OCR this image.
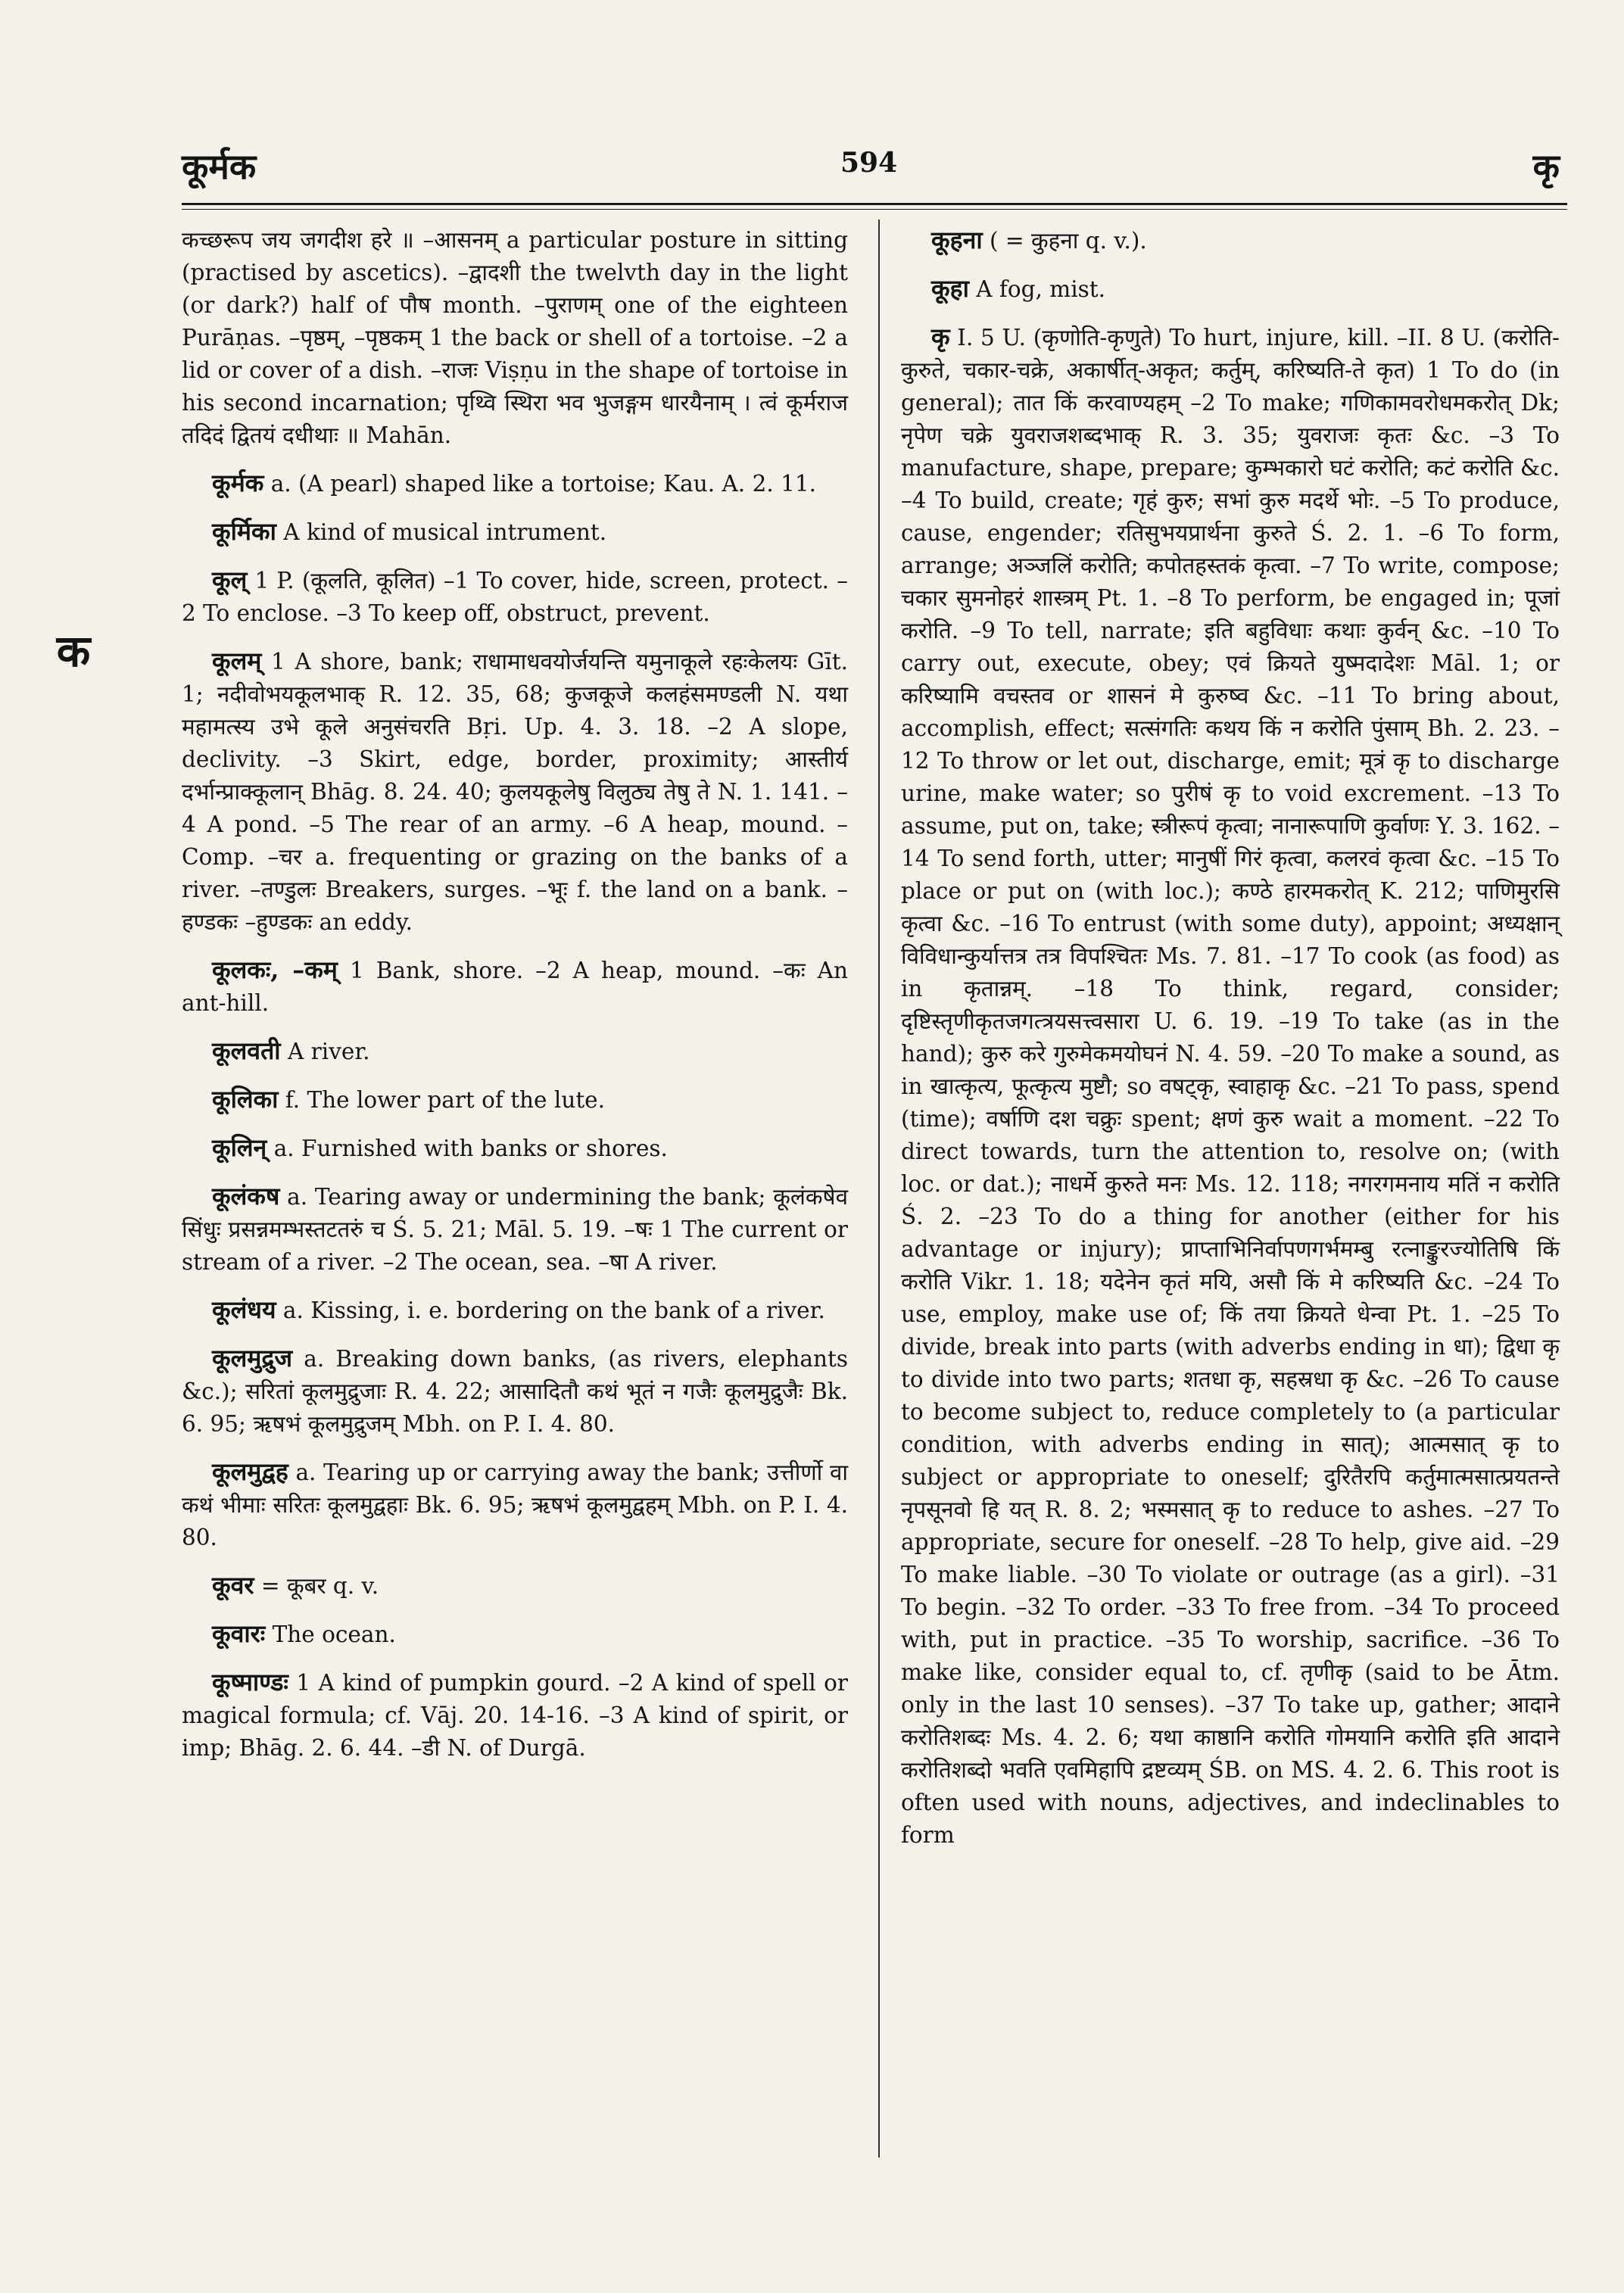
कूर्मक	594	कृ
क

कच्छरूप जय जगदीश हरे ॥ –आसनम् a particular posture in sitting (practised by ascetics). –द्वादशी the twelvth day in the light (or dark?) half of पौष month. –पुराणम् one of the eighteen Purāṇas. –पृष्ठम्, –पृष्ठकम् 1 the back or shell of a tortoise. –2 a lid or cover of a dish. –राजः Viṣṇu in the shape of tortoise in his second incarnation; पृथ्वि स्थिरा भव भुजङ्गम धारयैनाम् । त्वं कूर्मराज तदिदं द्वितयं दधीथाः ॥ Mahān.

कूर्मक a. (A pearl) shaped like a tortoise; Kau. A. 2. 11.

कूर्मिका A kind of musical intrument.

कूल् 1 P. (कूलति, कूलित) –1 To cover, hide, screen, protect. –2 To enclose. –3 To keep off, obstruct, prevent.

कूलम् 1 A shore, bank; राधामाधवयोर्जयन्ति यमुनाकूले रहःकेलयः Gīt. 1; नदीवोभयकूलभाक् R. 12. 35, 68; कुजकूजे कलहंसमण्डली N. यथा महामत्स्य उभे कूले अनुसंचरति Bṛi. Up. 4. 3. 18. –2 A slope, declivity. –3 Skirt, edge, border, proximity; आस्तीर्य दर्भान्प्राक्कूलान् Bhāg. 8. 24. 40; कुलयकूलेषु विलुठ्य तेषु ते N. 1. 141. –4 A pond. –5 The rear of an army. –6 A heap, mound. –Comp. –चर a. frequenting or grazing on the banks of a river. –तण्डुलः Breakers, surges. –भूः f. the land on a bank. –हण्डकः –हुण्डकः an eddy.

कूलकः, –कम् 1 Bank, shore. –2 A heap, mound. –कः An ant-hill.

कूलवती A river.

कूलिका f. The lower part of the lute.

कूलिन् a. Furnished with banks or shores.

कूलंकष a. Tearing away or undermining the bank; कूलंकषेव सिंधुः प्रसन्नमम्भस्तटतरुं च Ś. 5. 21; Māl. 5. 19. –षः 1 The current or stream of a river. –2 The ocean, sea. –षा A river.

कूलंधय a. Kissing, i. e. bordering on the bank of a river.

कूलमुद्रुज a. Breaking down banks, (as rivers, elephants &c.); सरितां कूलमुद्रुजाः R. 4. 22; आसादितौ कथं भूतं न गजैः कूलमुद्रुजैः Bk. 6. 95; ऋषभं कूलमुद्रुजम् Mbh. on P. I. 4. 80.

कूलमुद्वह a. Tearing up or carrying away the bank; उत्तीर्णो वा कथं भीमाः सरितः कूलमुद्वहाः Bk. 6. 95; ऋषभं कूलमुद्वहम् Mbh. on P. I. 4. 80.

कूवर = कूबर q. v.

कूवारः The ocean.

कूष्माण्डः 1 A kind of pumpkin gourd. –2 A kind of spell or magical formula; cf. Vāj. 20. 14-16. –3 A kind of spirit, or imp; Bhāg. 2. 6. 44. –डी N. of Durgā.

कूहना ( = कुहना q. v.).

कूहा A fog, mist.

कृ I. 5 U. (कृणोति-कृणुते) To hurt, injure, kill. –II. 8 U. (करोति-कुरुते, चकार-चक्रे, अकार्षीत्-अकृत; कर्तुम्, करिष्यति-ते कृत) 1 To do (in general); तात किं करवाण्यहम् –2 To make; गणिकामवरोधमकरोत् Dk; नृपेण चक्रे युवराजशब्दभाक् R. 3. 35; युवराजः कृतः &c. –3 To manufacture, shape, prepare; कुम्भकारो घटं करोति; कटं करोति &c. –4 To build, create; गृहं कुरु; सभां कुरु मदर्थे भोः. –5 To produce, cause, engender; रतिसुभयप्रार्थना कुरुते Ś. 2. 1. –6 To form, arrange; अञ्जलिं करोति; कपोतहस्तकं कृत्वा. –7 To write, compose; चकार सुमनोहरं शास्त्रम् Pt. 1. –8 To perform, be engaged in; पूजां करोति. –9 To tell, narrate; इति बहुविधाः कथाः कुर्वन् &c. –10 To carry out, execute, obey; एवं क्रियते युष्मदादेशः Māl. 1; or करिष्यामि वचस्तव or शासनं मे कुरुष्व &c. –11 To bring about, accomplish, effect; सत्संगतिः कथय किं न करोति पुंसाम् Bh. 2. 23. –12 To throw or let out, discharge, emit; मूत्रं कृ to discharge urine, make water; so पुरीषं कृ to void excrement. –13 To assume, put on, take; स्त्रीरूपं कृत्वा; नानारूपाणि कुर्वाणः Y. 3. 162. –14 To send forth, utter; मानुषीं गिरं कृत्वा, कलरवं कृत्वा &c. –15 To place or put on (with loc.); कण्ठे हारमकरोत् K. 212; पाणिमुरसि कृत्वा &c. –16 To entrust (with some duty), appoint; अध्यक्षान् विविधान्कुर्यात्तत्र तत्र विपश्चितः Ms. 7. 81. –17 To cook (as food) as in कृतान्नम्. –18 To think, regard, consider; दृष्टिस्तृणीकृतजगत्त्रयसत्त्वसारा U. 6. 19. –19 To take (as in the hand); कुरु करे गुरुमेकमयोघनं N. 4. 59. –20 To make a sound, as in खात्कृत्य, फूत्कृत्य मुष्टौ; so वषट्कृ, स्वाहाकृ &c. –21 To pass, spend (time); वर्षाणि दश चक्रुः spent; क्षणं कुरु wait a moment. –22 To direct towards, turn the attention to, resolve on; (with loc. or dat.); नाधर्मे कुरुते मनः Ms. 12. 118; नगरगमनाय मतिं न करोति Ś. 2. –23 To do a thing for another (either for his advantage or injury); प्राप्ताभिनिर्वापणगर्भमम्बु रत्नाङ्कुरज्योतिषि किं करोति Vikr. 1. 18; यदेनेन कृतं मयि, असौ किं मे करिष्यति &c. –24 To use, employ, make use of; किं तया क्रियते धेन्वा Pt. 1. –25 To divide, break into parts (with adverbs ending in धा); द्विधा कृ to divide into two parts; शतधा कृ, सहस्रधा कृ &c. –26 To cause to become subject to, reduce completely to (a particular condition, with adverbs ending in सात्); आत्मसात् कृ to subject or appropriate to oneself; दुरितैरपि कर्तुमात्मसात्प्रयतन्ते नृपसूनवो हि यत् R. 8. 2; भस्मसात् कृ to reduce to ashes. –27 To appropriate, secure for oneself. –28 To help, give aid. –29 To make liable. –30 To violate or outrage (as a girl). –31 To begin. –32 To order. –33 To free from. –34 To proceed with, put in practice. –35 To worship, sacrifice. –36 To make like, consider equal to, cf. तृणीकृ (said to be Ātm. only in the last 10 senses). –37 To take up, gather; आदाने करोतिशब्दः Ms. 4. 2. 6; यथा काष्ठानि करोति गोमयानि करोति इति आदाने करोतिशब्दो भवति एवमिहापि द्रष्टव्यम् ŚB. on MS. 4. 2. 6. This root is often used with nouns, adjectives, and indeclinables to form
